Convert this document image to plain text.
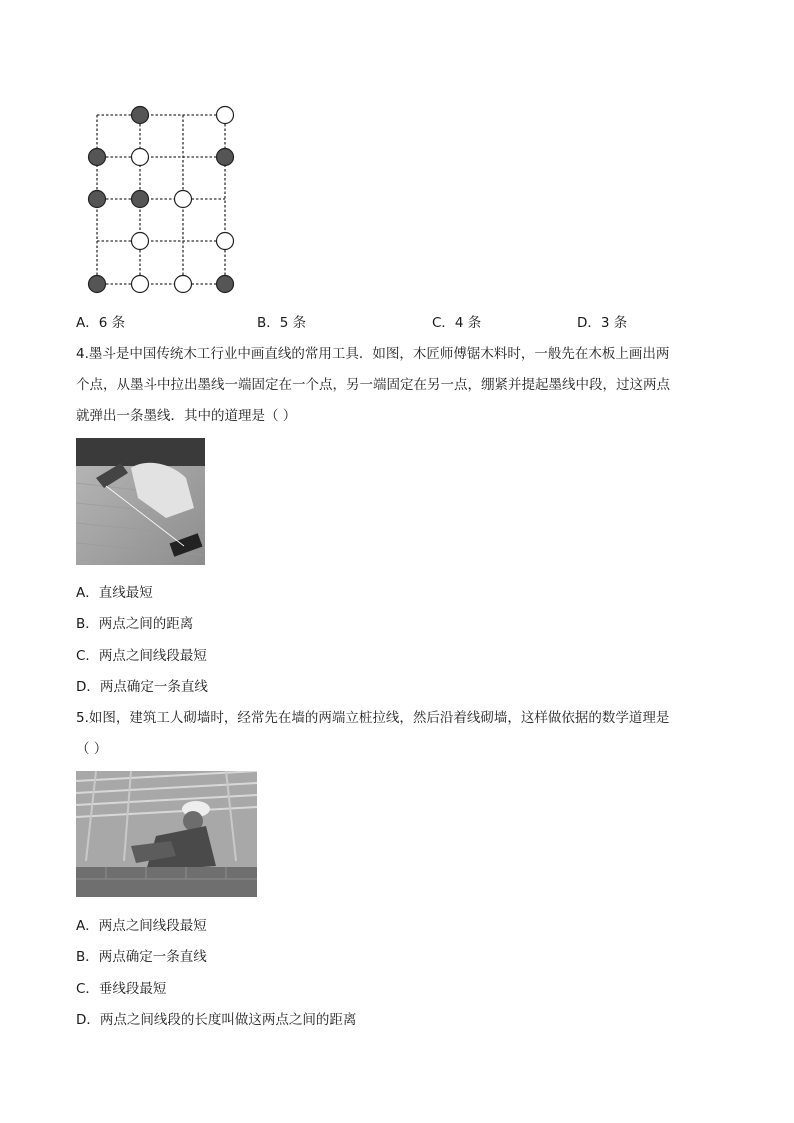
A．6 条	B．5 条	C．4 条	D．3 条
4.墨斗是中国传统木工行业中画直线的常用工具．如图，木匠师傅锯木料时，一般先在木板上画出两
个点，从墨斗中拉出墨线一端固定在一个点，另一端固定在另一点，绷紧并提起墨线中段，过这两点
就弹出一条墨线．其中的道理是（ ）
A．直线最短
B．两点之间的距离
C．两点之间线段最短
D．两点确定一条直线
5.如图，建筑工人砌墙时，经常先在墙的两端立桩拉线，然后沿着线砌墙，这样做依据的数学道理是
（ ）
A．两点之间线段最短
B．两点确定一条直线
C．垂线段最短
D．两点之间线段的长度叫做这两点之间的距离
